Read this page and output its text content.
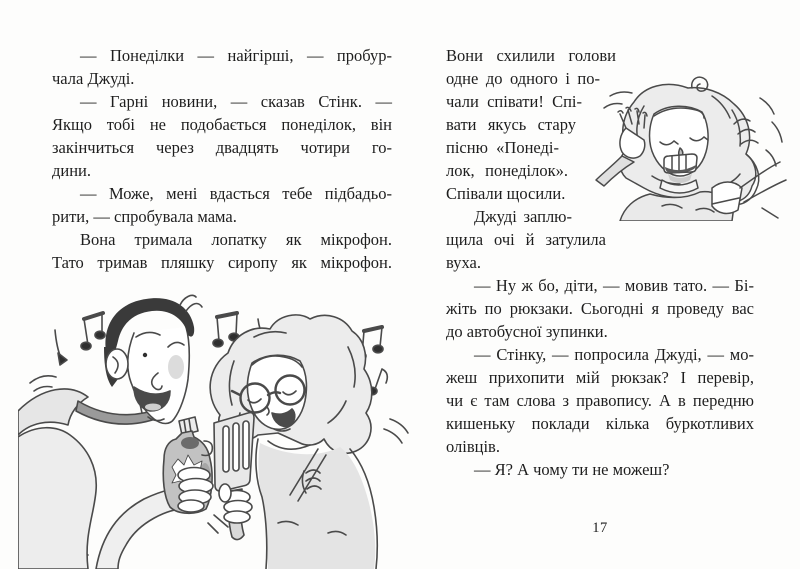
— Понеділки — найгірші, — пробур-
чала Джуді.
— Гарні новини, — сказав Стінк. —
Якщо тобі не подобається понеділок, він
закінчиться через двадцять чотири го-
дини.
— Може, мені вдасться тебе підбадьо-
рити, — спробувала мама.
Вона тримала лопатку як мікрофон.
Тато тримав пляшку сиропу як мікрофон.
Вони схилили голови
одне до одного і по-
чали співати! Спі-
вати якусь стару
пісню «Понеді-
лок, понеділок».
Співали щосили.
Джуді заплю-
щила очі й затулила
вуха.
— Ну ж бо, діти, — мовив тато. — Бі-
жіть по рюкзаки. Сьогодні я проведу вас
до автобусної зупинки.
— Стінку, — попросила Джуді, — мо-
жеш прихопити мій рюкзак? І перевір,
чи є там слова з правопису. А в передню
кишеньку поклади кілька буркотливих
олівців.
— Я? А чому ти не можеш?
17
